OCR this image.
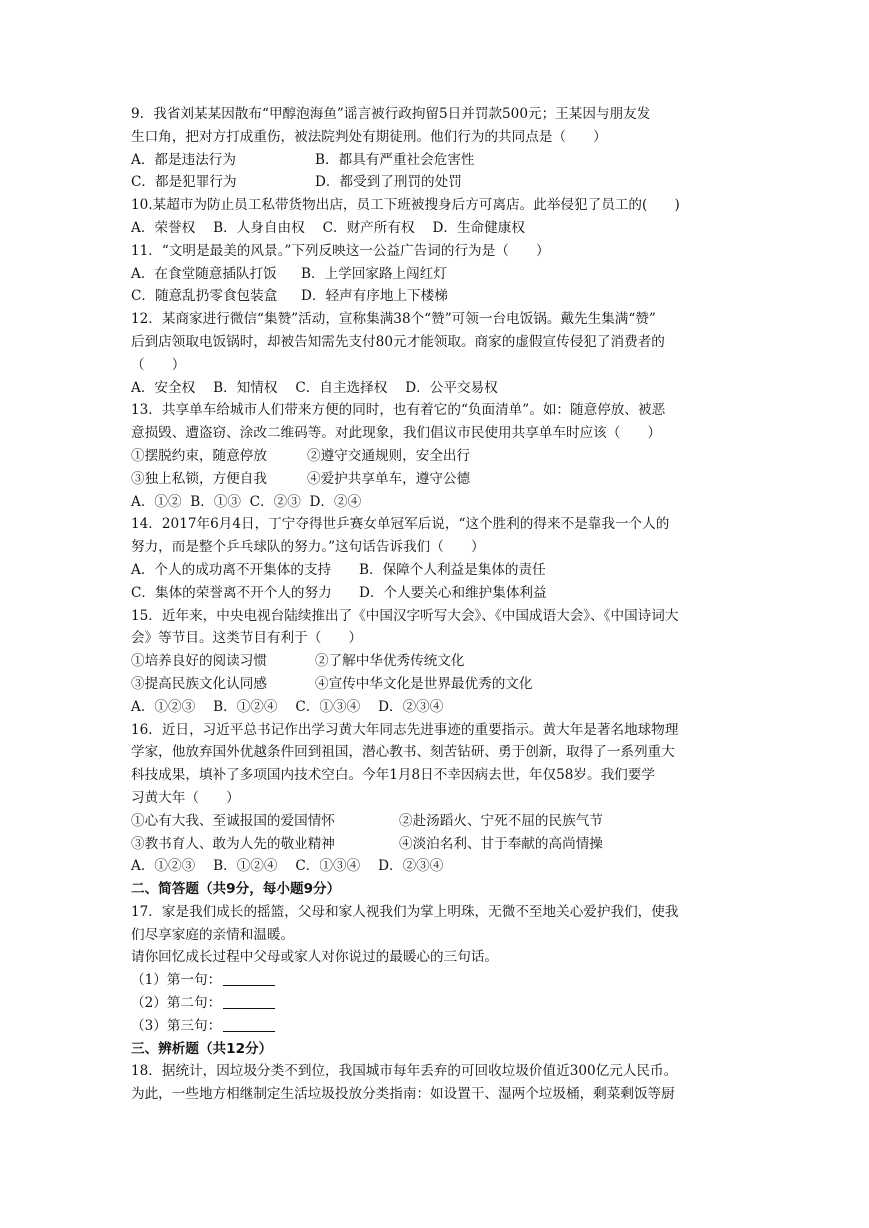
9．我省刘某某因散布“甲醇泡海鱼”谣言被行政拘留5日并罚款500元；王某因与朋友发
生口角，把对方打成重伤，被法院判处有期徒刑。他们行为的共同点是（　　）

A．都是违法行为

	B．都具有严重社会危害性

C．都是犯罪行为

	D．都受到了刑罚的处罚

10.某超市为防止员工私带货物出店，员工下班被搜身后方可离店。此举侵犯了员工的(　　)
A．荣誉权　 B．人身自由权　 C．财产所有权　 D．生命健康权
11．“文明是最美的风景。”下列反映这一公益广告词的行为是（　　）

A．在食堂随意插队打饭

B．上学回家路上闯红灯

C．随意乱扔零食包装盒

D．轻声有序地上下楼梯

12．某商家进行微信“集赞”活动，宣称集满38个“赞”可领一台电饭锅。戴先生集满“赞”
后到店领取电饭锅时，却被告知需先支付80元才能领取。商家的虚假宣传侵犯了消费者的
（　　）
A．安全权　 B．知情权　 C．自主选择权　 D．公平交易权
13．共享单车给城市人们带来方便的同时，也有着它的“负面清单”。如：随意停放、被恶
意损毁、遭盗窃、涂改二维码等。对此现象，我们倡议市民使用共享单车时应该（　　）

①摆脱约束，随意停放

	②遵守交通规则，安全出行

③独上私锁，方便自我

	④爱护共享单车，遵守公德

A．①②  B．①③  C．②③  D．②④
14．2017年6月4日，丁宁夺得世乒赛女单冠军后说，“这个胜利的得来不是靠我一个人的
努力，而是整个乒乓球队的努力。”这句话告诉我们（　　）

A．个人的成功离不开集体的支持

B．保障个人利益是集体的责任

C．集体的荣誉离不开个人的努力

D．个人要关心和维护集体利益

15．近年来，中央电视台陆续推出了《中国汉字听写大会》、《中国成语大会》、《中国诗词大
会》等节目。这类节目有利于（　　）

①培养良好的阅读习惯

	②了解中华优秀传统文化

③提高民族文化认同感

	④宣传中华文化是世界最优秀的文化

A．①②③　 B．①②④　 C．①③④　 D．②③④
16．近日，习近平总书记作出学习黄大年同志先进事迹的重要指示。黄大年是著名地球物理
学家，他放弃国外优越条件回到祖国，潜心教书、刻苦钻研、勇于创新，取得了一系列重大
科技成果，填补了多项国内技术空白。今年1月8日不幸因病去世，年仅58岁。我们要学
习黄大年（　　）

①心有大我、至诚报国的爱国情怀

	②赴汤蹈火、宁死不屈的民族气节

③教书育人、敢为人先的敬业精神

	④淡泊名利、甘于奉献的高尚情操

A．①②③　 B．①②④　 C．①③④　 D．②③④
二、简答题（共9分，每小题9分）
17．家是我们成长的摇篮，父母和家人视我们为掌上明珠，无微不至地关心爱护我们，使我
们尽享家庭的亲情和温暖。
请你回忆成长过程中父母或家人对你说过的最暖心的三句话。
（1）第一句：
（2）第二句：
（3）第三句：
三、辨析题（共12分）
18．据统计，因垃圾分类不到位，我国城市每年丢弃的可回收垃圾价值近300亿元人民币。
为此，一些地方相继制定生活垃圾投放分类指南：如设置干、湿两个垃圾桶，剩菜剩饭等厨
